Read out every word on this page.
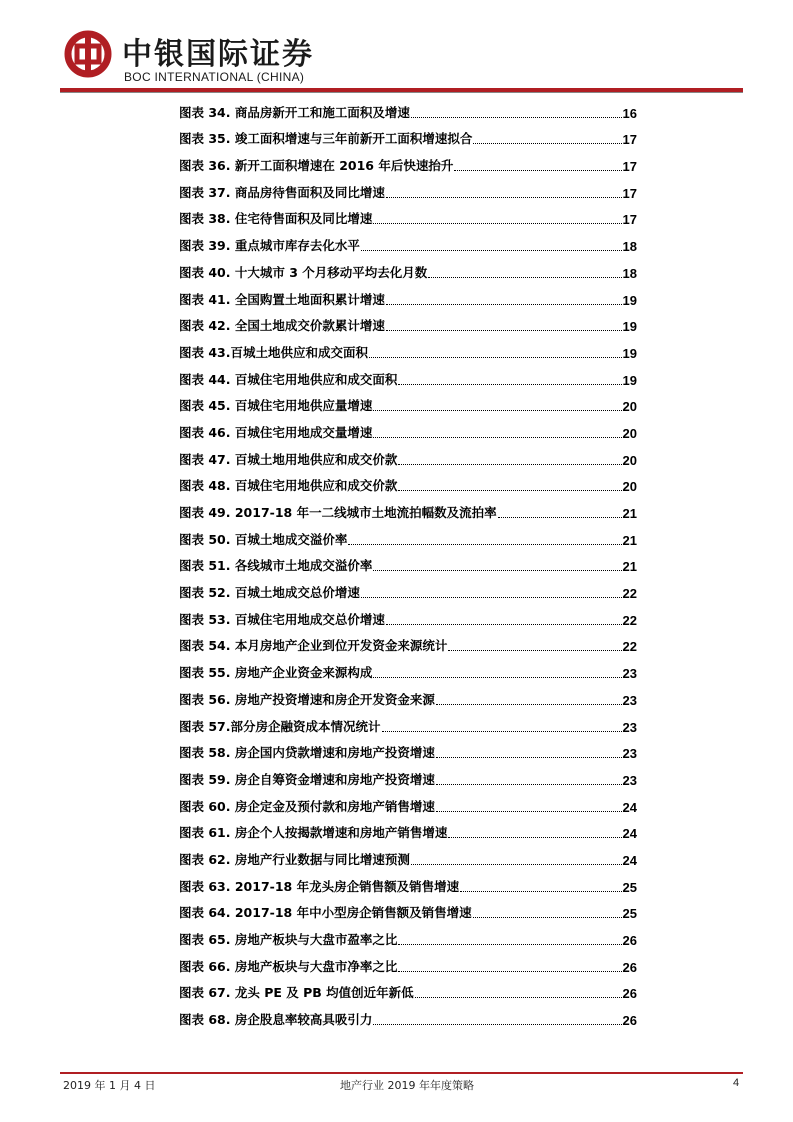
中银国际证券
BOC INTERNATIONAL (CHINA)
图表 34. 商品房新开工和施工面积及增速	16
图表 35. 竣工面积增速与三年前新开工面积增速拟合	17
图表 36. 新开工面积增速在 2016 年后快速抬升	17
图表 37. 商品房待售面积及同比增速	17
图表 38. 住宅待售面积及同比增速	17
图表 39. 重点城市库存去化水平	18
图表 40. 十大城市 3 个月移动平均去化月数	18
图表 41. 全国购置土地面积累计增速	19
图表 42. 全国土地成交价款累计增速	19
图表 43.百城土地供应和成交面积	19
图表 44. 百城住宅用地供应和成交面积	19
图表 45. 百城住宅用地供应量增速	20
图表 46. 百城住宅用地成交量增速	20
图表 47. 百城土地用地供应和成交价款	20
图表 48. 百城住宅用地供应和成交价款	20
图表 49. 2017-18 年一二线城市土地流拍幅数及流拍率	21
图表 50. 百城土地成交溢价率	21
图表 51. 各线城市土地成交溢价率	21
图表 52. 百城土地成交总价增速	22
图表 53. 百城住宅用地成交总价增速	22
图表 54. 本月房地产企业到位开发资金来源统计	22
图表 55. 房地产企业资金来源构成	23
图表 56. 房地产投资增速和房企开发资金来源	23
图表 57.部分房企融资成本情况统计	23
图表 58. 房企国内贷款增速和房地产投资增速	23
图表 59. 房企自筹资金增速和房地产投资增速	23
图表 60. 房企定金及预付款和房地产销售增速	24
图表 61. 房企个人按揭款增速和房地产销售增速	24
图表 62. 房地产行业数据与同比增速预测	24
图表 63. 2017-18 年龙头房企销售额及销售增速	25
图表 64. 2017-18 年中小型房企销售额及销售增速	25
图表 65. 房地产板块与大盘市盈率之比	26
图表 66. 房地产板块与大盘市净率之比	26
图表 67. 龙头 PE 及 PB 均值创近年新低	26
图表 68. 房企股息率较高具吸引力	26
2019 年 1 月 4 日	地产行业 2019 年年度策略	4
